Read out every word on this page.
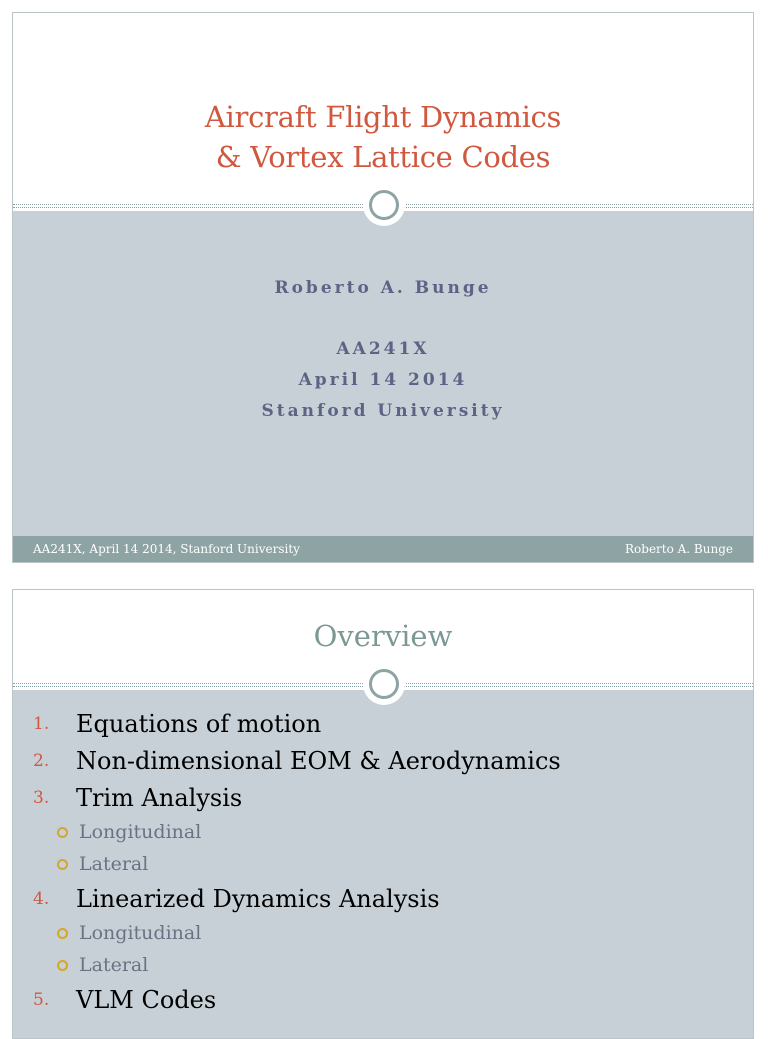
Aircraft Flight Dynamics
& Vortex Lattice Codes
AA241X, April 14 2014, Stanford University	Roberto A. Bunge
Roberto A. Bunge
AA241X
April 14 2014
Stanford University
Overview
1. Equations of motion
2. Non-dimensional EOM & Aerodynamics
3. Trim Analysis
Longitudinal
Lateral
4. Linearized Dynamics Analysis
Longitudinal
Lateral
5. VLM Codes
